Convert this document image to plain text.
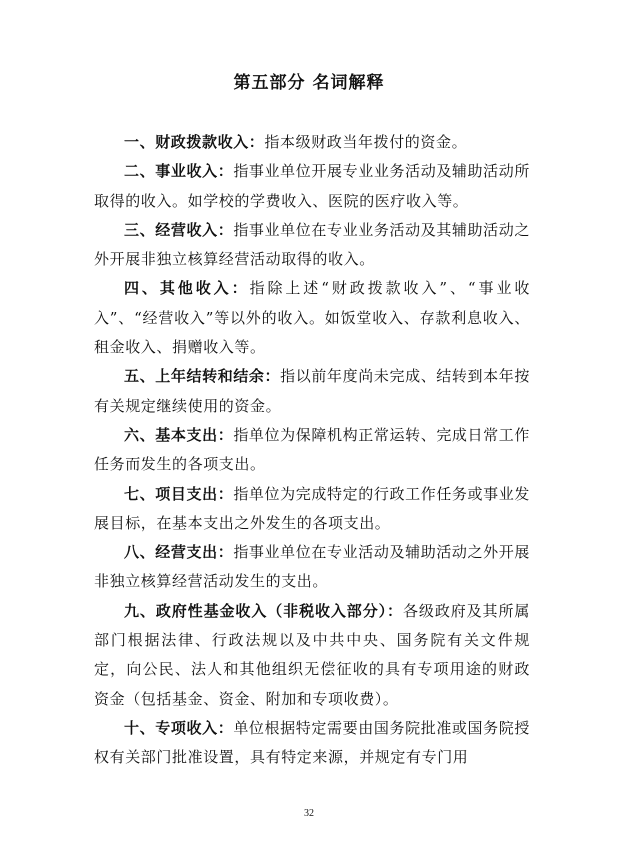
第五部分 名词解释

一、财政拨款收入：指本级财政当年拨付的资金。

二、事业收入：指事业单位开展专业业务活动及辅助活动所取得的收入。如学校的学费收入、医院的医疗收入等。

三、经营收入：指事业单位在专业业务活动及其辅助活动之外开展非独立核算经营活动取得的收入。

四、其他收入：指除上述“财政拨款收入”、“事业收入”、“经营收入”等以外的收入。如饭堂收入、存款利息收入、租金收入、捐赠收入等。

五、上年结转和结余：指以前年度尚未完成、结转到本年按有关规定继续使用的资金。

六、基本支出：指单位为保障机构正常运转、完成日常工作任务而发生的各项支出。

七、项目支出：指单位为完成特定的行政工作任务或事业发展目标，在基本支出之外发生的各项支出。

八、经营支出：指事业单位在专业活动及辅助活动之外开展非独立核算经营活动发生的支出。

九、政府性基金收入（非税收入部分）：各级政府及其所属部门根据法律、行政法规以及中共中央、国务院有关文件规定，向公民、法人和其他组织无偿征收的具有专项用途的财政资金（包括基金、资金、附加和专项收费）。

十、专项收入：单位根据特定需要由国务院批准或国务院授权有关部门批准设置，具有特定来源，并规定有专门用

32
